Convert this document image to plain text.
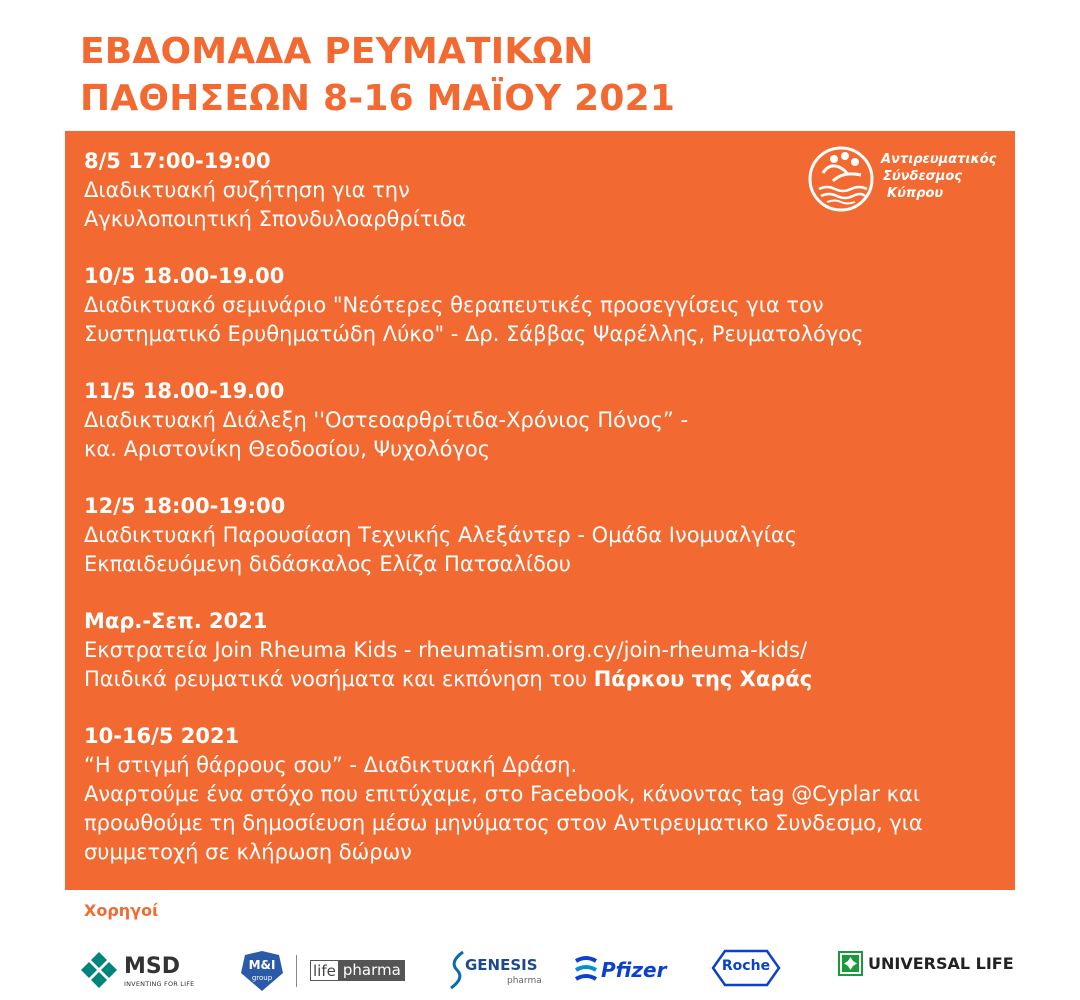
ΕΒΔΟΜΑΔΑ ΡΕΥΜΑΤΙΚΩΝ
ΠΑΘΗΣΕΩΝ 8-16 ΜΑΪΟΥ 2021
8/5 17:00-19:00
Διαδικτυακή συζήτηση για την
Αγκυλοποιητική Σπονδυλοαρθρίτιδα
10/5 18.00-19.00
Διαδικτυακό σεμινάριο "Νεότερες θεραπευτικές προσεγγίσεις για τον
Συστηματικό Ερυθηματώδη Λύκο" - Δρ. Σάββας Ψαρέλλης, Ρευματολόγος
11/5 18.00-19.00
Διαδικτυακή Διάλεξη ''Οστεοαρθρίτιδα-Χρόνιος Πόνος” -
κα. Αριστονίκη Θεοδοσίου, Ψυχολόγος
12/5 18:00-19:00
Διαδικτυακή Παρουσίαση Τεχνικής Αλεξάντερ - Ομάδα Ινομυαλγίας
Εκπαιδευόμενη διδάσκαλος Ελίζα Πατσαλίδου
Μαρ.-Σεπ. 2021
Εκστρατεία Join Rheuma Kids - rheumatism.org.cy/join-rheuma-kids/
Παιδικά ρευματικά νοσήματα και εκπόνηση του Πάρκου της Χαράς
10-16/5 2021
“Η στιγμή θάρρους σου” - Διαδικτυακή Δράση.
Αναρτούμε ένα στόχο που επιτύχαμε, στο Facebook, κάνοντας tag @Cyplar και
προωθούμε τη δημοσίευση μέσω μηνύματος στον Αντιρευματικο Συνδεσμο, για
συμμετοχή σε κλήρωση δώρων
Αντιρευματικός
Σύνδεσμος
Κύπρου
Χορηγοί
MSD
INVENTING FOR LIFE
M&I
group	life pharma	GENESIS
pharma	Pfizer	Roche	UNIVERSAL LIFE
